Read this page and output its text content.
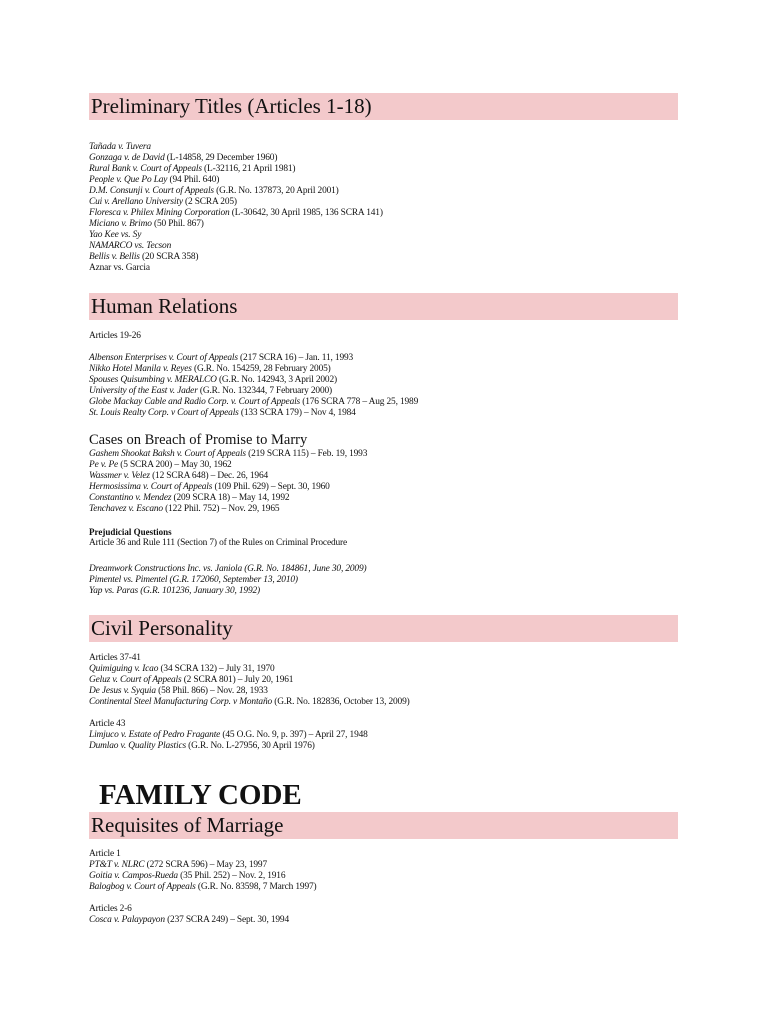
Preliminary Titles (Articles 1-18)
Tañada v. Tuvera
Gonzaga v. de David (L-14858, 29 December 1960)
Rural Bank v. Court of Appeals (L-32116, 21 April 1981)
People v. Que Po Lay (94 Phil. 640)
D.M. Consunji v. Court of Appeals (G.R. No. 137873, 20 April 2001)
Cui v. Arellano University (2 SCRA 205)
Floresca v. Philex Mining Corporation (L-30642, 30 April 1985, 136 SCRA 141)
Miciano v. Brimo (50 Phil. 867)
Yao Kee vs. Sy
NAMARCO vs. Tecson
Bellis v. Bellis (20 SCRA 358)
Aznar vs. Garcia
Human Relations
Articles 19-26
Albenson Enterprises v. Court of Appeals (217 SCRA 16) – Jan. 11, 1993
Nikko Hotel Manila v. Reyes (G.R. No. 154259, 28 February 2005)
Spouses Quisumbing v. MERALCO (G.R. No. 142943, 3 April 2002)
University of the East v. Jader (G.R. No. 132344, 7 February 2000)
Globe Mackay Cable and Radio Corp. v. Court of Appeals (176 SCRA 778 – Aug 25, 1989
St. Louis Realty Corp. v Court of Appeals (133 SCRA 179) – Nov 4, 1984
Cases on Breach of Promise to Marry
Gashem Shookat Baksh v. Court of Appeals (219 SCRA 115) – Feb. 19, 1993
Pe v. Pe (5 SCRA 200) – May 30, 1962
Wassmer v. Velez (12 SCRA 648) – Dec. 26, 1964
Hermosissima v. Court of Appeals (109 Phil. 629) – Sept. 30, 1960
Constantino v. Mendez (209 SCRA 18) – May 14, 1992
Tenchavez v. Escano (122 Phil. 752) – Nov. 29, 1965
Prejudicial Questions
Article 36 and Rule 111 (Section 7) of the Rules on Criminal Procedure
Dreamwork Constructions Inc. vs. Janiola (G.R. No. 184861, June 30, 2009)
Pimentel vs. Pimentel (G.R. 172060, September 13, 2010)
Yap vs. Paras (G.R. 101236, January 30, 1992)
Civil Personality
Articles 37-41
Quimiguing v. Icao (34 SCRA 132) – July 31, 1970
Geluz v. Court of Appeals (2 SCRA 801) – July 20, 1961
De Jesus v. Syquia (58 Phil. 866) – Nov. 28, 1933
Continental Steel Manufacturing Corp. v Montaño (G.R. No. 182836, October 13, 2009)
Article 43
Limjuco v. Estate of Pedro Fragante (45 O.G. No. 9, p. 397) – April 27, 1948
Dumlao v. Quality Plastics (G.R. No. L-27956, 30 April 1976)
FAMILY CODE
Requisites of Marriage
Article 1
PT&T v. NLRC (272 SCRA 596) – May 23, 1997
Goitia v. Campos-Rueda (35 Phil. 252) – Nov. 2, 1916
Balogbog v. Court of Appeals (G.R. No. 83598, 7 March 1997)
Articles 2-6
Cosca v. Palaypayon (237 SCRA 249) – Sept. 30, 1994
